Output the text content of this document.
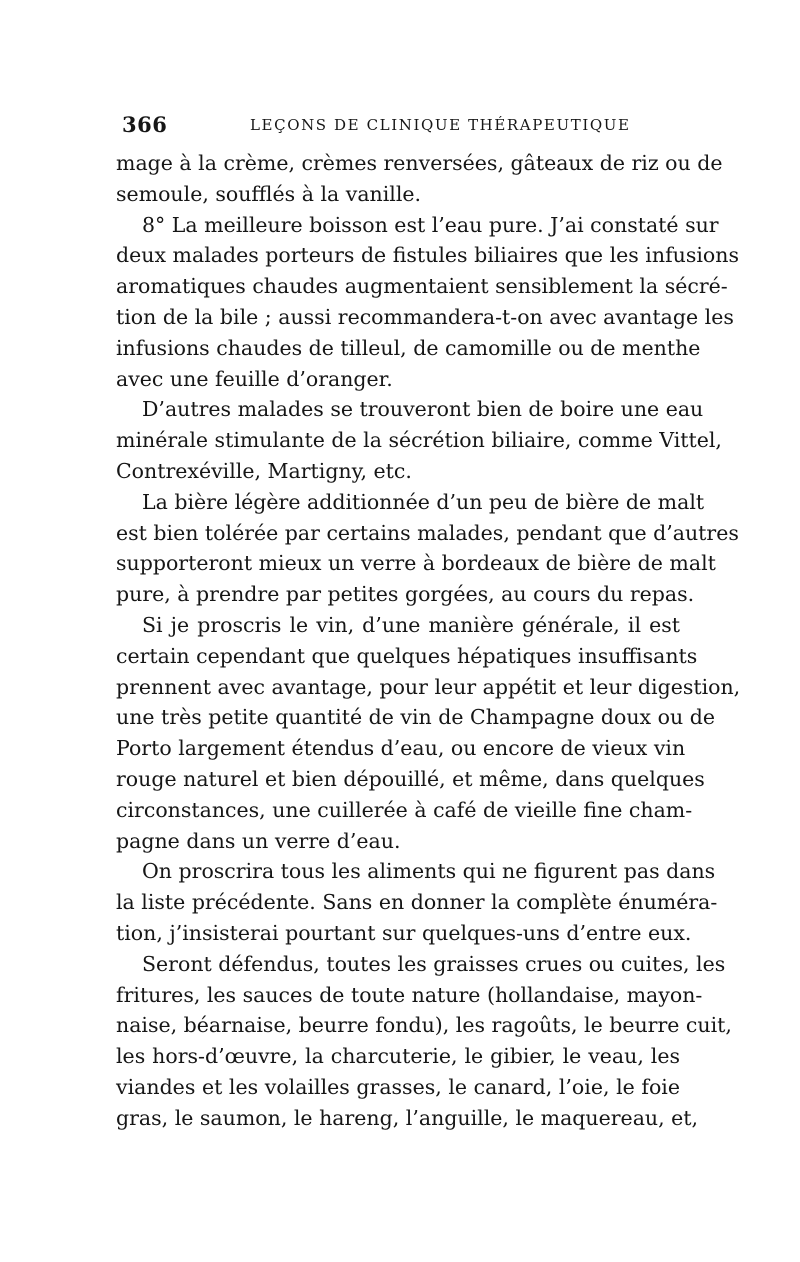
366	LEÇONS DE CLINIQUE THÉRAPEUTIQUE
mage à la crème, crèmes renversées, gâteaux de riz ou de
semoule, soufflés à la vanille.
8° La meilleure boisson est l’eau pure. J’ai constaté sur
deux malades porteurs de fistules biliaires que les infusions
aromatiques chaudes augmentaient sensiblement la sécré-
tion de la bile ; aussi recommandera-t-on avec avantage les
infusions chaudes de tilleul, de camomille ou de menthe
avec une feuille d’oranger.
D’autres malades se trouveront bien de boire une eau
minérale stimulante de la sécrétion biliaire, comme Vittel,
Contrexéville, Martigny, etc.
La bière légère additionnée d’un peu de bière de malt
est bien tolérée par certains malades, pendant que d’autres
supporteront mieux un verre à bordeaux de bière de malt
pure, à prendre par petites gorgées, au cours du repas.
Si je proscris le vin, d’une manière générale, il est
certain cependant que quelques hépatiques insuffisants
prennent avec avantage, pour leur appétit et leur digestion,
une très petite quantité de vin de Champagne doux ou de
Porto largement étendus d’eau, ou encore de vieux vin
rouge naturel et bien dépouillé, et même, dans quelques
circonstances, une cuillerée à café de vieille fine cham-
pagne dans un verre d’eau.
On proscrira tous les aliments qui ne figurent pas dans
la liste précédente. Sans en donner la complète énuméra-
tion, j’insisterai pourtant sur quelques-uns d’entre eux.
Seront défendus, toutes les graisses crues ou cuites, les
fritures, les sauces de toute nature (hollandaise, mayon-
naise, béarnaise, beurre fondu), les ragoûts, le beurre cuit,
les hors-d’œuvre, la charcuterie, le gibier, le veau, les
viandes et les volailles grasses, le canard, l’oie, le foie
gras, le saumon, le hareng, l’anguille, le maquereau, et,
